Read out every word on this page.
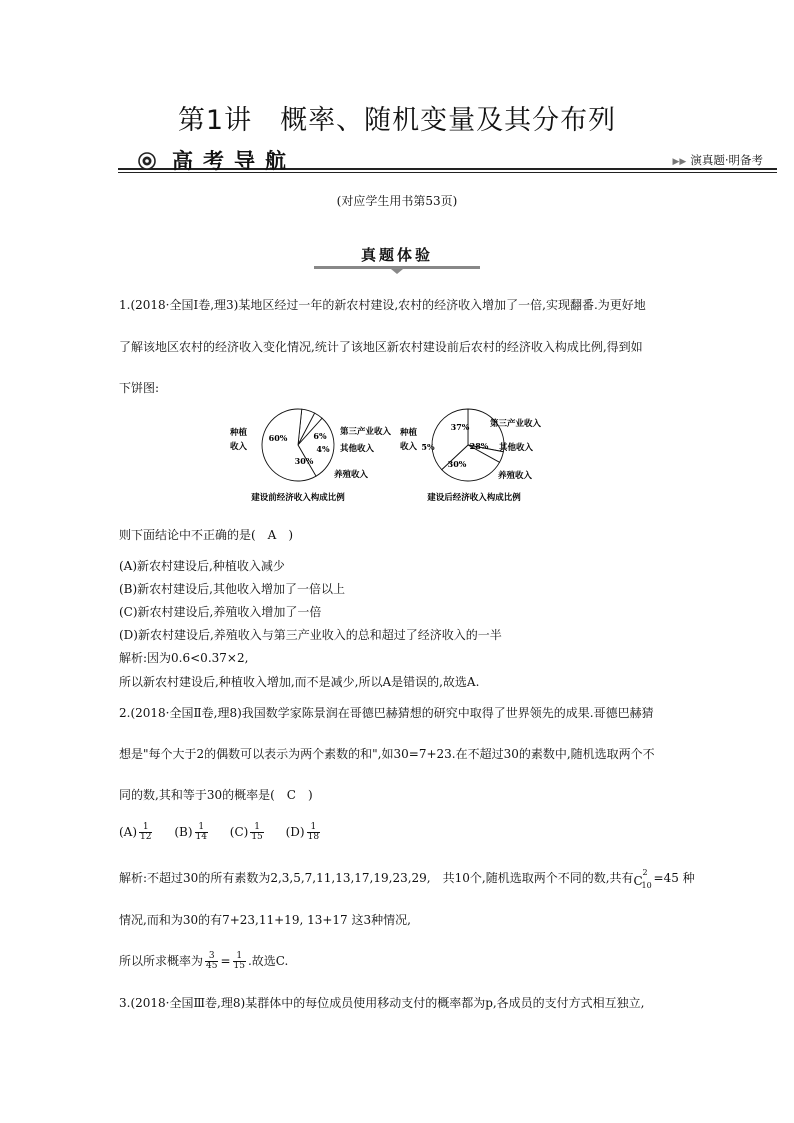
第1讲　概率、随机变量及其分布列
高考导航	▶▶ 演真题·明备考
(对应学生用书第53页)
真题体验
1.(2018·全国Ⅰ卷,理3)某地区经过一年的新农村建设,农村的经济收入增加了一倍,实现翻番.为更好地
了解该地区农村的经济收入变化情况,统计了该地区新农村建设前后农村的经济收入构成比例,得到如
下饼图:
60%	6%
4%
30%
第三产业收入
其他收入
养殖收入
种植
收入
建设前经济收入构成比例
37%
28%
5%
30%
第三产业收入
其他收入
养殖收入
种植
收入
建设后经济收入构成比例
则下面结论中不正确的是(　A　)
(A)新农村建设后,种植收入减少
(B)新农村建设后,其他收入增加了一倍以上
(C)新农村建设后,养殖收入增加了一倍
(D)新农村建设后,养殖收入与第三产业收入的总和超过了经济收入的一半
解析:因为0.6<0.37×2,
所以新农村建设后,种植收入增加,而不是减少,所以A是错误的,故选A.
2.(2018·全国Ⅱ卷,理8)我国数学家陈景润在哥德巴赫猜想的研究中取得了世界领先的成果.哥德巴赫猜
想是"每个大于2的偶数可以表示为两个素数的和",如30=7+23.在不超过30的素数中,随机选取两个不
同的数,其和等于30的概率是(　C　)
$(A) \frac{1}{12} (B) \frac{1}{14} (C) \frac{1}{15} (D) \frac{1}{18}$
解析:不超过30的所有素数为2,3,5,7,11,13,17,19,23,29,　共10个,随机选取两个不同的数,共有 C
2
10 =45 种
情况,而和为30的有7+23,11+19, 13+17 这3种情况,
所以所求概率为 $\frac{3}{45} = \frac{1}{15}$ .故选C.
3.(2018·全国Ⅲ卷,理8)某群体中的每位成员使用移动支付的概率都为p,各成员的支付方式相互独立,
